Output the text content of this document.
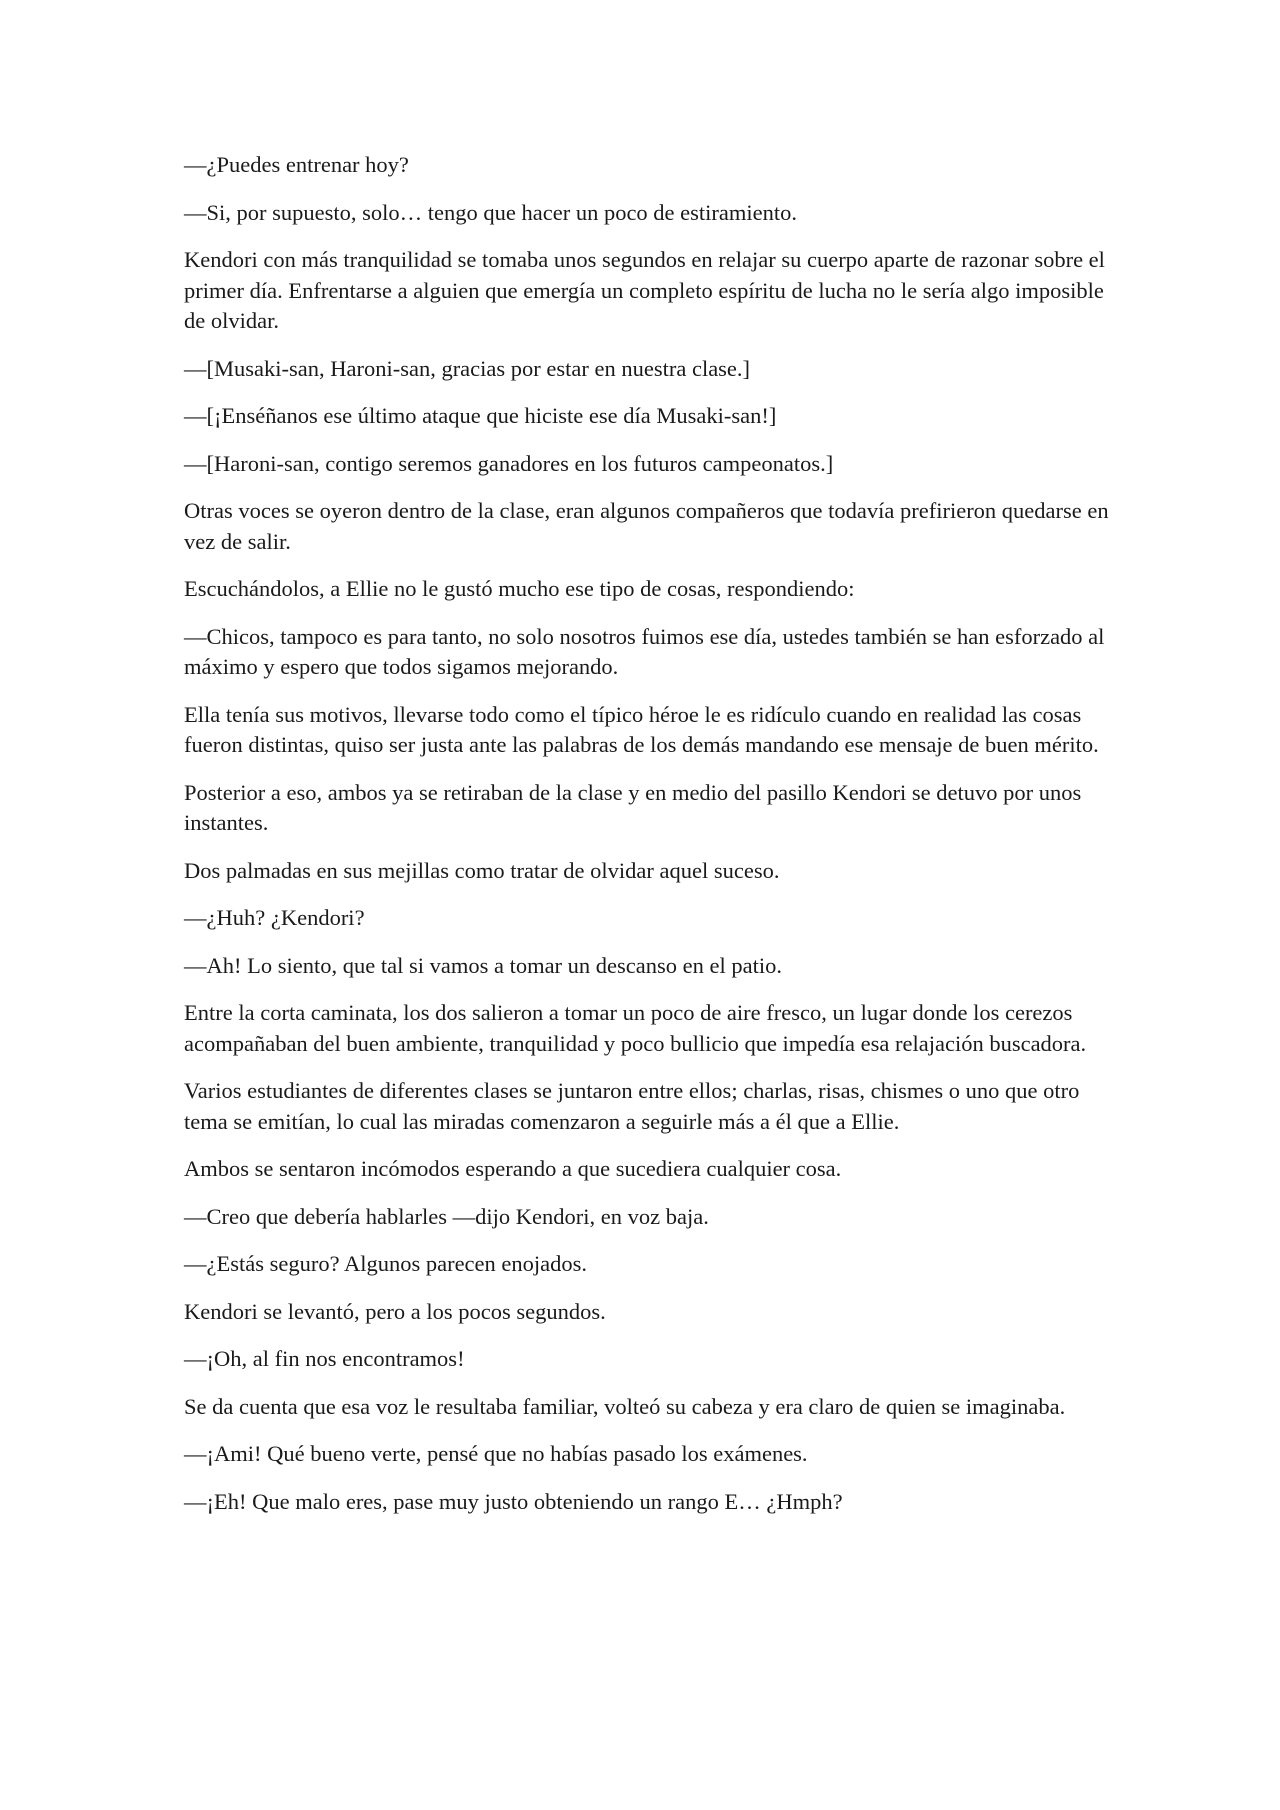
—¿Puedes entrenar hoy?

—Si, por supuesto, solo… tengo que hacer un poco de estiramiento.

Kendori con más tranquilidad se tomaba unos segundos en relajar su cuerpo aparte de razonar sobre el primer día. Enfrentarse a alguien que emergía un completo espíritu de lucha no le sería algo imposible de olvidar.

—[Musaki-san, Haroni-san, gracias por estar en nuestra clase.]

—[¡Enséñanos ese último ataque que hiciste ese día Musaki-san!]

—[Haroni-san, contigo seremos ganadores en los futuros campeonatos.]

Otras voces se oyeron dentro de la clase, eran algunos compañeros que todavía prefirieron quedarse en vez de salir.

Escuchándolos, a Ellie no le gustó mucho ese tipo de cosas, respondiendo:

—Chicos, tampoco es para tanto, no solo nosotros fuimos ese día, ustedes también se han esforzado al máximo y espero que todos sigamos mejorando.

Ella tenía sus motivos, llevarse todo como el típico héroe le es ridículo cuando en realidad las cosas fueron distintas, quiso ser justa ante las palabras de los demás mandando ese mensaje de buen mérito.

Posterior a eso, ambos ya se retiraban de la clase y en medio del pasillo Kendori se detuvo por unos instantes.

Dos palmadas en sus mejillas como tratar de olvidar aquel suceso.

—¿Huh? ¿Kendori?

—Ah! Lo siento, que tal si vamos a tomar un descanso en el patio.

Entre la corta caminata, los dos salieron a tomar un poco de aire fresco, un lugar donde los cerezos acompañaban del buen ambiente, tranquilidad y poco bullicio que impedía esa relajación buscadora.

Varios estudiantes de diferentes clases se juntaron entre ellos; charlas, risas, chismes o uno que otro tema se emitían, lo cual las miradas comenzaron a seguirle más a él que a Ellie.

Ambos se sentaron incómodos esperando a que sucediera cualquier cosa.

—Creo que debería hablarles —dijo Kendori, en voz baja.

—¿Estás seguro? Algunos parecen enojados.

Kendori se levantó, pero a los pocos segundos.

—¡Oh, al fin nos encontramos!

Se da cuenta que esa voz le resultaba familiar, volteó su cabeza y era claro de quien se imaginaba.

—¡Ami! Qué bueno verte, pensé que no habías pasado los exámenes.

—¡Eh! Que malo eres, pase muy justo obteniendo un rango E… ¿Hmph?
